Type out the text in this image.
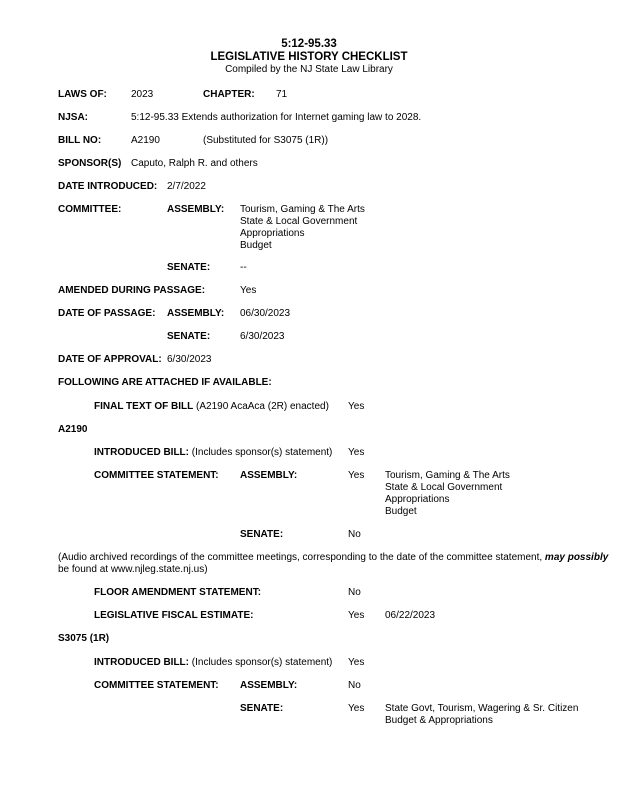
5:12-95.33
LEGISLATIVE HISTORY CHECKLIST
Compiled by the NJ State Law Library
LAWS OF: 2023	CHAPTER: 71
NJSA:	5:12-95.33 Extends authorization for Internet gaming law to 2028.
BILL NO:	A2190	(Substituted for S3075 (1R))
SPONSOR(S) Caputo, Ralph R. and others
DATE INTRODUCED: 2/7/2022
COMMITTEE:	ASSEMBLY: Tourism, Gaming & The Arts
State & Local Government
Appropriations
Budget
SENATE:	--
AMENDED DURING PASSAGE:	Yes
DATE OF PASSAGE: ASSEMBLY: 06/30/2023
SENATE:	6/30/2023
DATE OF APPROVAL: 6/30/2023
FOLLOWING ARE ATTACHED IF AVAILABLE:
FINAL TEXT OF BILL (A2190 AcaAca (2R) enacted) Yes
A2190
INTRODUCED BILL: (Includes sponsor(s) statement) Yes
COMMITTEE STATEMENT: ASSEMBLY:	Yes Tourism, Gaming & The Arts
State & Local Government
Appropriations
Budget
SENATE:	No
(Audio archived recordings of the committee meetings, corresponding to the date of the committee statement, may possibly
be found at www.njleg.state.nj.us)
FLOOR AMENDMENT STATEMENT:	No
LEGISLATIVE FISCAL ESTIMATE:	Yes 06/22/2023
S3075 (1R)
INTRODUCED BILL: (Includes sponsor(s) statement) Yes
COMMITTEE STATEMENT: ASSEMBLY:	No
SENATE:	Yes State Govt, Tourism, Wagering & Sr. Citizen
Budget & Appropriations
